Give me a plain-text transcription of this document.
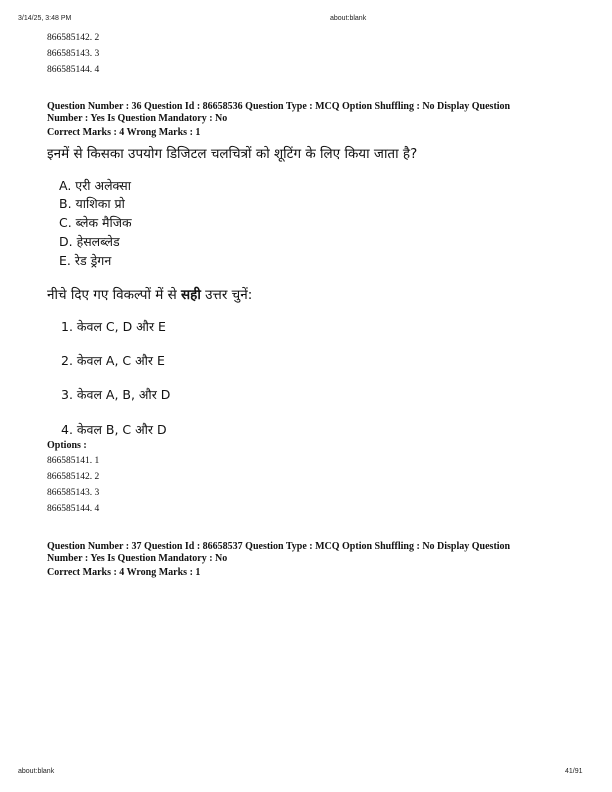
3/14/25, 3:48 PM	about:blank
866585142. 2
866585143. 3
866585144. 4
Question Number : 36 Question Id : 86658536 Question Type : MCQ Option Shuffling : No Display Question
Number : Yes Is Question Mandatory : No
Correct Marks : 4 Wrong Marks : 1
इनमें से किसका उपयोग डिजिटल चलचित्रों को शूटिंग के लिए किया जाता है?
A. एरी अलेक्सा
B. याशिका प्रो
C. ब्लेक मैजिक
D. हेसलब्लेड
E. रेड ड्रेगन
नीचे दिए गए विकल्पों में से सही उत्तर चुनें:
1. केवल C, D और E
2. केवल A, C और E
3. केवल A, B, और D
4. केवल B, C और D
Options :
866585141. 1
866585142. 2
866585143. 3
866585144. 4
Question Number : 37 Question Id : 86658537 Question Type : MCQ Option Shuffling : No Display Question
Number : Yes Is Question Mandatory : No
Correct Marks : 4 Wrong Marks : 1
about:blank	41/91
